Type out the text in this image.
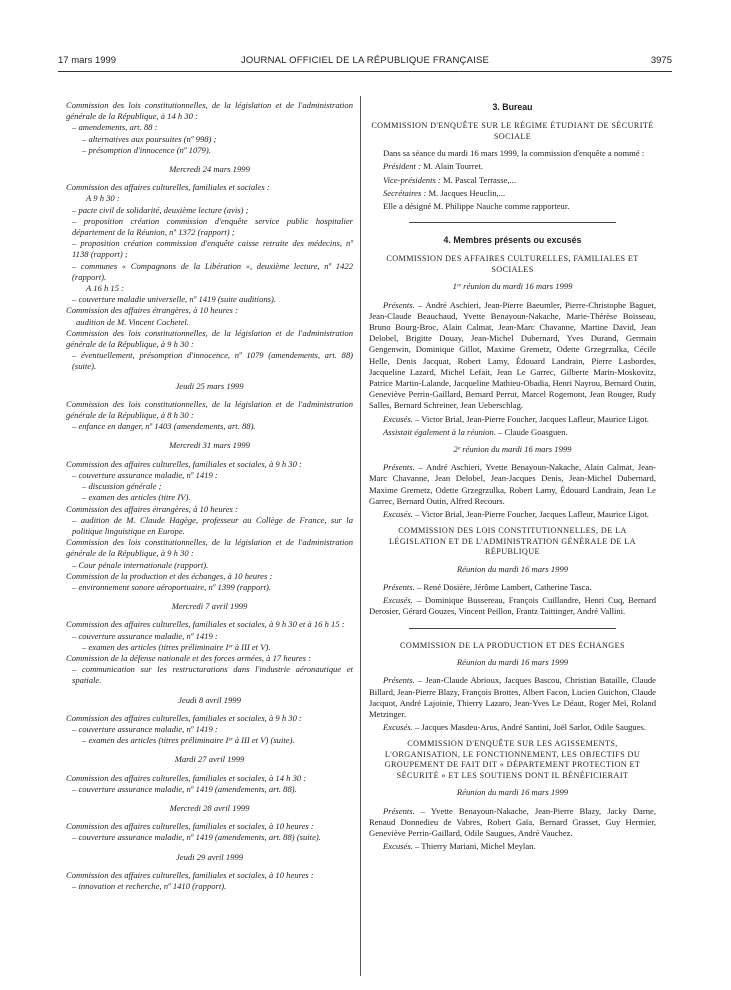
17 mars 1999	JOURNAL OFFICIEL DE LA RÉPUBLIQUE FRANÇAISE	3975
Commission des lois constitutionnelles, de la législation et de l'administration générale de la République, à 14 h 30 :
– amendements, art. 88 :
– alternatives aux poursuites (nº 998) ;
– présomption d'innocence (nº 1079).
Mercredi 24 mars 1999
Commission des affaires culturelles, familiales et sociales :
A 9 h 30 :
– pacte civil de solidarité, deuxième lecture (avis) ;
– proposition création commission d'enquête service public hospitalier département de la Réunion, nº 1372 (rapport) ;
– proposition création commission d'enquête caisse retraite des médecins, nº 1138 (rapport) ;
– communes « Compagnons de la Libération », deuxième lecture, nº 1422 (rapport).
A 16 h 15 :
– couverture maladie universelle, nº 1419 (suite auditions).
Commission des affaires étrangères, à 10 heures :
audition de M. Vincent Cochetel.
Commission des lois constitutionnelles, de la législation et de l'administration générale de la République, à 9 h 30 :
– éventuellement, présomption d'innocence, nº 1079 (amendements, art. 88) (suite).
Jeudi 25 mars 1999
Commission des lois constitutionnelles, de la législation et de l'administration générale de la République, à 8 h 30 :
– enfance en danger, nº 1403 (amendements, art. 88).
Mercredi 31 mars 1999
Commission des affaires culturelles, familiales et sociales, à 9 h 30 :
– couverture assurance maladie, nº 1419 :
– discussion générale ;
– examen des articles (titre IV).
Commission des affaires étrangères, à 10 heures :
– audition de M. Claude Hagège, professeur au Collège de France, sur la politique linguistique en Europe.
Commission des lois constitutionnelles, de la législation et de l'administration générale de la République, à 9 h 30 :
– Cour pénale internationale (rapport).
Commission de la production et des échanges, à 10 heures :
– environnement sonore aéroportuaire, nº 1399 (rapport).
Mercredi 7 avril 1999
Commission des affaires culturelles, familiales et sociales, à 9 h 30 et à 16 h 15 :
– couverture assurance maladie, nº 1419 :
– examen des articles (titres préliminaire Iᵉʳ à III et V).
Commission de la défense nationale et des forces armées, à 17 heures :
– communication sur les restructurations dans l'industrie aéronautique et spatiale.
Jeudi 8 avril 1999
Commission des affaires culturelles, familiales et sociales, à 9 h 30 :
– couverture assurance maladie, nº 1419 :
– examen des articles (titres préliminaire Iᵉʳ à III et V) (suite).
Mardi 27 avril 1999
Commission des affaires culturelles, familiales et sociales, à 14 h 30 :
– couverture assurance maladie, nº 1419 (amendements, art. 88).
Mercredi 28 avril 1999
Commission des affaires culturelles, familiales et sociales, à 10 heures :
– couverture assurance maladie, nº 1419 (amendements, art. 88) (suite).
Jeudi 29 avril 1999
Commission des affaires culturelles, familiales et sociales, à 10 heures :
– innovation et recherche, nº 1410 (rapport).
3. Bureau
COMMISSION D'ENQUÊTE SUR LE RÉGIME ÉTUDIANT DE SÉCURITÉ SOCIALE
Dans sa séance du mardi 16 mars 1999, la commission d'enquête a nommé :
Président : M. Alain Tourret.
Vice-présidents : M. Pascal Terrasse,...
Secrétaires : M. Jacques Heuclin,...
Elle a désigné M. Philippe Nauche comme rapporteur.
4. Membres présents ou excusés
COMMISSION DES AFFAIRES CULTURELLES, FAMILIALES ET SOCIALES
1ʳᵉ réunion du mardi 16 mars 1999
Présents. – André Aschieri, Jean-Pierre Baeumler, Pierre-Christophe Baguet, Jean-Claude Beauchaud, Yvette Benayoun-Nakache, Marie-Thérèse Boisseau, Bruno Bourg-Broc, Alain Calmat, Jean-Marc Chavanne, Martine David, Jean Delobel, Brigitte Douay, Jean-Michel Dubernard, Yves Durand, Germain Gengenwin, Dominique Gillot, Maxime Gremetz, Odette Grzegrzulka, Cécile Helle, Denis Jacquat, Robert Lamy, Édouard Landrain, Pierre Lasbordes, Jacqueline Lazard, Michel Lefait, Jean Le Garrec, Gilberte Marin-Moskovitz, Patrice Martin-Lalande, Jacqueline Mathieu-Obadia, Henri Nayrou, Bernard Outin, Geneviève Perrin-Gaillard, Bernard Perrut, Marcel Rogemont, Jean Rouger, Rudy Salles, Bernard Schreiner, Jean Ueberschlag.
Excusés. – Victor Brial, Jean-Pierre Foucher, Jacques Lafleur, Maurice Ligot.
Assistait également à la réunion. – Claude Goasguen.
2ᵉ réunion du mardi 16 mars 1999
Présents. – André Aschieri, Yvette Benayoun-Nakache, Alain Calmat, Jean-Marc Chavanne, Jean Delobel, Jean-Jacques Denis, Jean-Michel Dubernard, Maxime Gremetz, Odette Grzegrzulka, Robert Lamy, Édouard Landrain, Jean Le Garrec, Bernard Outin, Alfred Recours.
Excusés. – Victor Brial, Jean-Pierre Foucher, Jacques Lafleur, Maurice Ligot.
COMMISSION DES LOIS CONSTITUTIONNELLES, DE LA LÉGISLATION ET DE L'ADMINISTRATION GÉNÉRALE DE LA RÉPUBLIQUE
Réunion du mardi 16 mars 1999
Présents. – René Dosière, Jérôme Lambert, Catherine Tasca.
Excusés. – Dominique Bussereau, François Cuillandre, Henri Cuq, Bernard Derosier, Gérard Gouzes, Vincent Peillon, Frantz Taittinger, André Vallini.
COMMISSION DE LA PRODUCTION ET DES ÉCHANGES
Réunion du mardi 16 mars 1999
Présents. – Jean-Claude Abrioux, Jacques Bascou, Christian Bataille, Claude Billard, Jean-Pierre Blazy, François Brottes, Albert Facon, Lucien Guichon, Claude Jacquot, André Lajoinie, Thierry Lazaro, Jean-Yves Le Déaut, Roger Meï, Roland Metzinger.
Excusés. – Jacques Masdeu-Arus, André Santini, Joël Sarlot, Odile Saugues.
COMMISSION D'ENQUÊTE SUR LES AGISSEMENTS, L'ORGANISATION, LE FONCTIONNEMENT, LES OBJECTIFS DU GROUPEMENT DE FAIT DIT « DÉPARTEMENT PROTECTION ET SÉCURITÉ » ET LES SOUTIENS DONT IL BÉNÉFICIERAIT
Réunion du mardi 16 mars 1999
Présents. – Yvette Benayoun-Nakache, Jean-Pierre Blazy, Jacky Darne, Renaud Donnedieu de Vabres, Robert Gaïa, Bernard Grasset, Guy Hermier, Geneviève Perrin-Gaillard, Odile Saugues, André Vauchez.
Excusés. – Thierry Mariani, Michel Meylan.
